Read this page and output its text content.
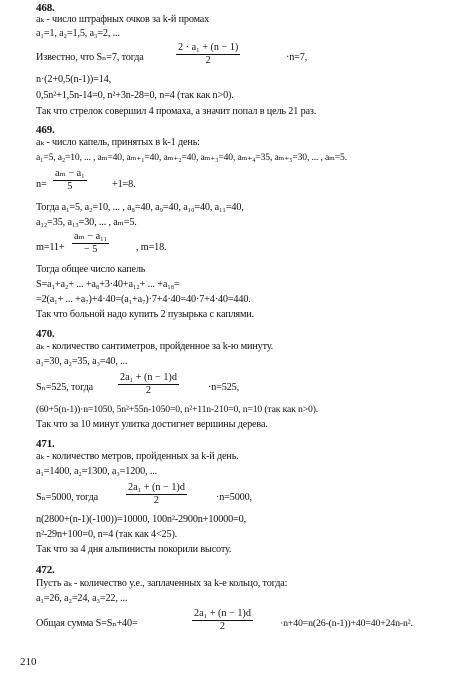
468.
aₖ - число штрафных очков за k-й промах
a₁=1, a₂=1,5, a₃=2, ...
Известно, что Sₙ=7, тогда	$\frac{\text{2 · a₁ + (n − 1)}}{2}$	·n=7,
n·(2+0,5(n-1))=14,
0,5n²+1,5n-14=0, n²+3n-28=0, n=4 (так как n>0).
Так что стрелок совершил 4 промаха, а значит попал в цель 21 раз.
469.
aₖ - число капель, принятых в k-1 день:
a₁=5, a₂=10, ... , aₘ=40, aₘ₊₁=40, aₘ₊₂=40, aₘ₊₃=40, aₘ₊₄=35, aₘ₊₅=30, ... , aₘ=5.
$n= \frac{\text{aₘ − a₁}}{5} +1=8$.
Тогда a₁=5, a₂=10, ... , a₈=40, a₉=40, a₁₀=40, a₁₁=40,
a₁₂=35, a₁₃=30, ... , aₘ=5.
$m=11+ \frac{\text{aₘ − a₁₁}}{- 5}$	, m=18.
Тогда общее число капель
S=a₁+a₂+ ... +a₈+3·40+a₁₂+ ... +a₁₈=
=2(a₁+ ... +a₇)+4·40=(a₁+a₇)·7+4·40=40·7+4·40=440.
Так что больной надо купить 2 пузырька с каплями.
470.
aₖ - количество сантиметров, пройденное за k-ю минуту.
a₁=30, a₂=35, a₃=40, ...
Sₙ=525, тогда $\frac{\text{2a₁ + (n − 1)d}}{2}$	·n=525,
(60+5(n-1))·n=1050, 5n²+55n-1050=0, n²+11n-210=0, n=10 (так как n>0).
Так что за 10 минут улитка достигнет вершины дерева.
471.
aₖ - количество метров, пройденных за k-й день.
a₁=1400, a₂=1300, a₃=1200, ...
Sₙ=5000, тогда	$\frac{\text{2a₁ + (n − 1)d}}{2}$	·n=5000,
n(2800+(n-1)(-100))=10000, 100n²-2900n+10000=0,
n²-29n+100=0, n=4 (так как 4<25).
Так что за 4 дня альпинисты покорили высоту.
472.
Пусть aₖ - количество у.е., заплаченных за k-е кольцо, тогда:
a₁=26, a₂=24, a₃=22, ...
Общая сумма S=Sₙ+40=	$\frac{\text{2a₁ + (n − 1)d}}{2}$	·n+40=n(26-(n-1))+40=40+24n-n².
210
